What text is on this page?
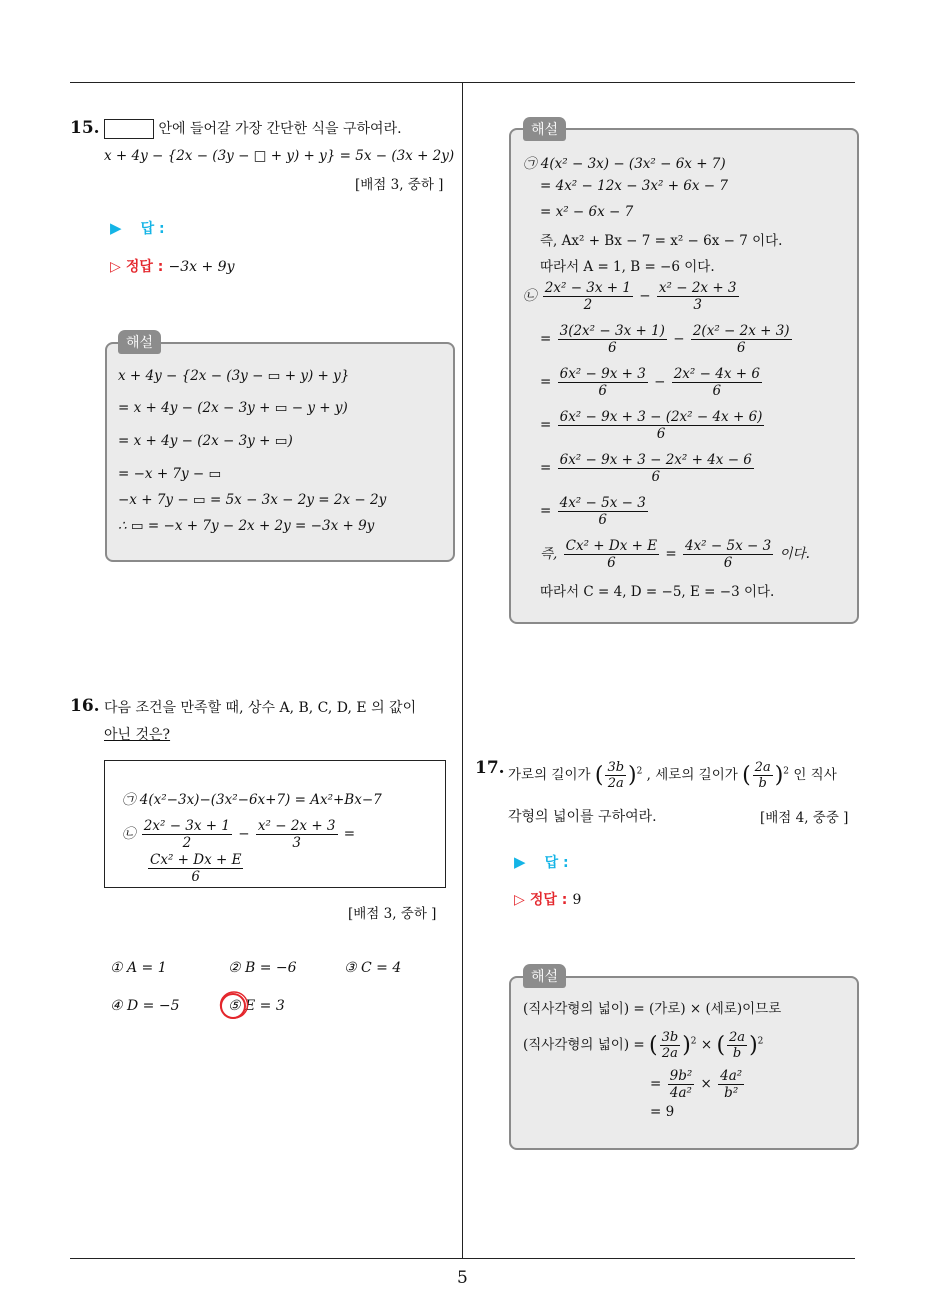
5
15.	안에 들어갈 가장 간단한 식을 구하여라.
x + 4y − {2x − (3y − □ + y) + y} = 5x − (3x + 2y)
[배점 3, 중하 ]
▶ 답 :
▷ 정답 : −3x + 9y
해설
x + 4y − {2x − (3y − ▭ + y) + y}
= x + 4y − (2x − 3y + ▭ − y + y)
= x + 4y − (2x − 3y + ▭)
= −x + 7y − ▭
−x + 7y − ▭ = 5x − 3x − 2y = 2x − 2y
∴ ▭ = −x + 7y − 2x + 2y = −3x + 9y
16. 다음 조건을 만족할 때, 상수 A, B, C, D, E 의 값이
아닌 것은?
㉠ 4(x²−3x)−(3x²−6x+7) = Ax²+Bx−7
㉡ $\frac{\text{2x² − 3x + 1}}{2} - \frac{\text{x² − 2x + 3}}{3}$ =
$\frac{\text{Cx² + Dx + E}}{6}$
[배점 3, 중하 ]
① A = 1	② B = −6	③ C = 4
④ D = −5	⑤ E = 3
해설
㉠ 4(x² − 3x) − (3x² − 6x + 7)
= 4x² − 12x − 3x² + 6x − 7
= x² − 6x − 7
즉, Ax² + Bx − 7 = x² − 6x − 7 이다.
따라서 A = 1, B = −6 이다.
㉡ $\frac{\text{2x² − 3x + 1}}{2} - \frac{\text{x² − 2x + 3}}{3}$
= $\frac{\text{3(2x² − 3x + 1)}}{6} - \frac{\text{2(x² − 2x + 3)}}{6}$
= $\frac{\text{6x² − 9x + 3}}{6} - \frac{\text{2x² − 4x + 6}}{6}$
= $\frac{\text{6x² − 9x + 3 − (2x² − 4x + 6)}}{6}$
= $\frac{\text{6x² − 9x + 3 − 2x² + 4x − 6}}{6}$
= $\frac{\text{4x² − 5x − 3}}{6}$
즉, $\frac{\text{Cx² + Dx + E}}{6} = \frac{\text{4x² − 5x − 3}}{6}$ 이다.
따라서 C = 4, D = −5, E = −3 이다.
17. 가로의 길이가 ( $\frac{3b}{2a} )^2$ , 세로의 길이가 ( $\frac{2a}{b} )^2$ 인 직사
각형의 넓이를 구하여라.	[배점 4, 중중 ]
▶ 답 :
▷ 정답 : 9
해설
(직사각형의 넓이) = (가로) × (세로)이므로
(직사각형의 넓이) = ( $\frac{3b}{2a} )^2$ × ( $\frac{2a}{b} )^2$
= $\frac{\text{9b²}}{\text{4a²}} \times \frac{\text{4a²}}{\text{b²}}$
= 9
